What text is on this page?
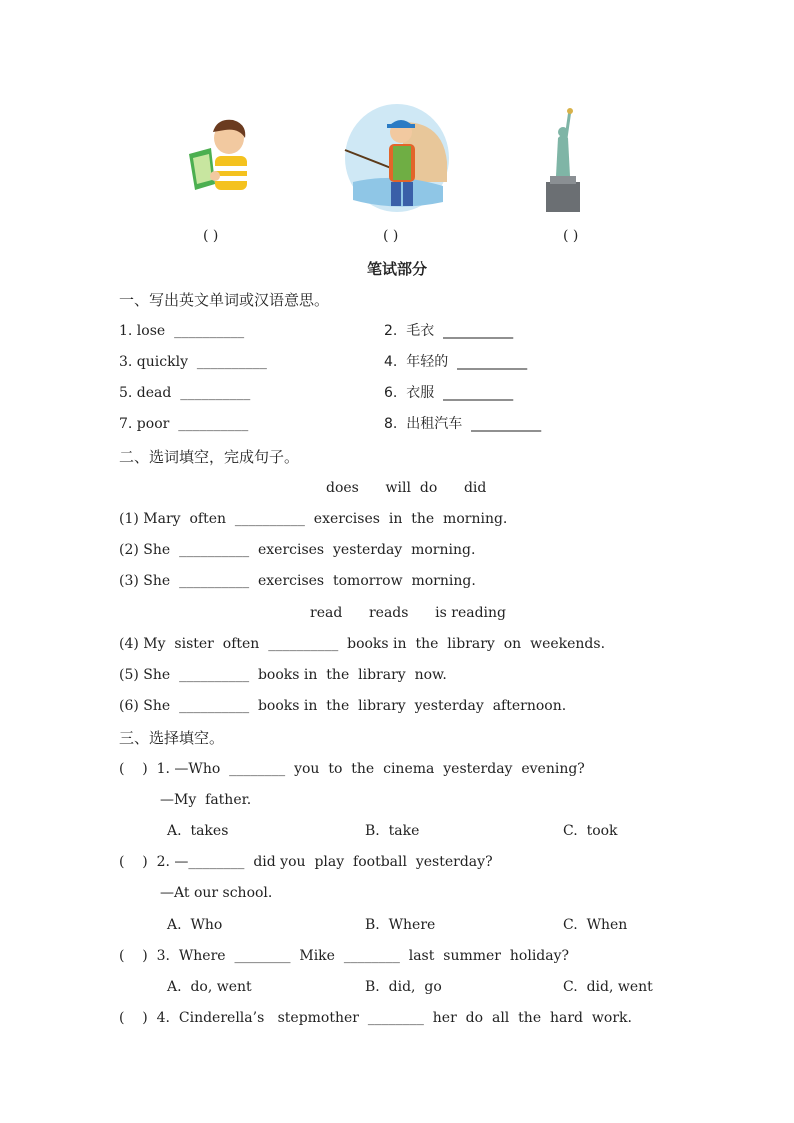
( )	( )	( )
笔试部分
一、写出英文单词或汉语意思。
1. lose  __________	2.  毛衣  __________
3. quickly  __________	4.  年轻的  __________
5. dead  __________	6.  衣服  __________
7. poor  __________	8.  出租汽车  __________
二、选词填空，完成句子。
does      will  do      did
(1) Mary  often  __________  exercises  in  the  morning.
(2) She  __________  exercises  yesterday  morning.
(3) She  __________  exercises  tomorrow  morning.
read      reads      is reading
(4) My  sister  often  __________  books in  the  library  on  weekends.
(5) She  __________  books in  the  library  now.
(6) She  __________  books in  the  library  yesterday  afternoon.
三、选择填空。
(    )  1. —Who  ________  you  to  the  cinema  yesterday  evening?
—My  father.
A.  takes	B.  take	C.  took
(    )  2. —________  did you  play  football  yesterday?
—At our school.
A.  Who	B.  Where	C.  When
(    )  3.  Where  ________  Mike  ________  last  summer  holiday?
A.  do, went	B.  did,  go	C.  did, went
(    )  4.  Cinderella’s   stepmother  ________  her  do  all  the  hard  work.
